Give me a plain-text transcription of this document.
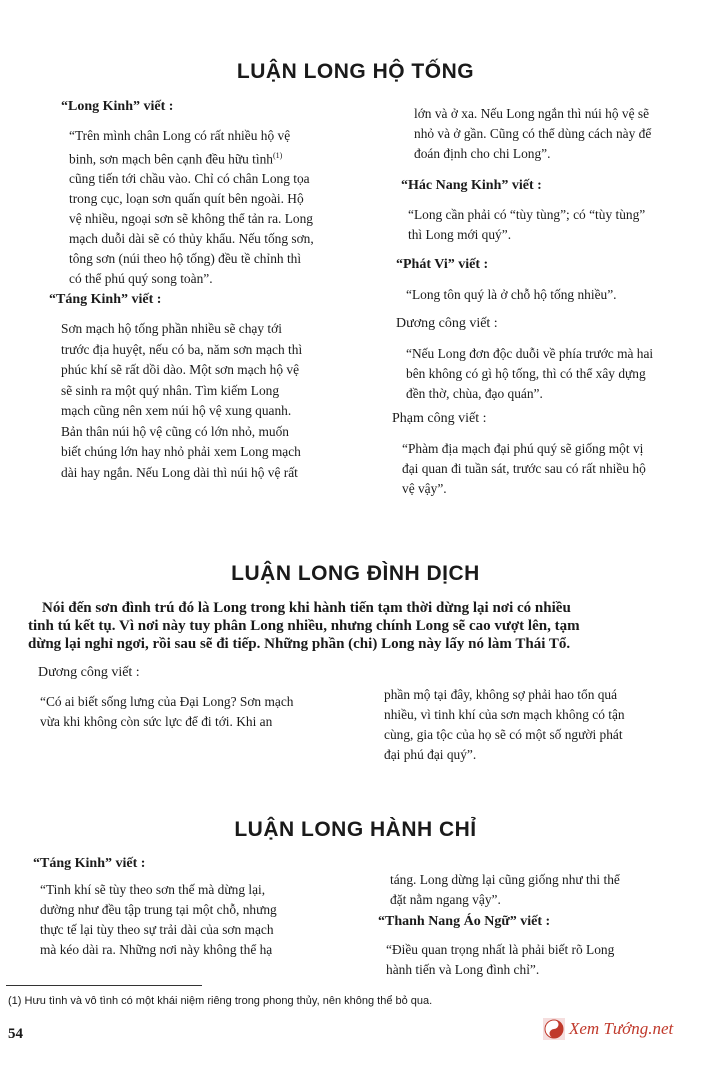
LUẬN LONG HỘ TỐNG
“Long Kinh” viết :
“Trên mình chân Long có rất nhiều hộ vệ
binh, sơn mạch bên cạnh đều hữu tình$^{(1)}$
cũng tiến tới chầu vào. Chỉ có chân Long tọa
trong cục, loạn sơn quấn quít bên ngoài. Hộ
vệ nhiều, ngoại sơn sẽ không thể tản ra. Long
mạch duỗi dài sẽ có thủy khẩu. Nếu tống sơn,
tông sơn (núi theo hộ tống) đều tề chỉnh thì
có thể phú quý song toàn”.
“Táng Kinh” viết :
Sơn mạch hộ tống phần nhiều sẽ chạy tới
trước địa huyệt, nếu có ba, năm sơn mạch thì
phúc khí sẽ rất dồi dào. Một sơn mạch hộ vệ
sẽ sinh ra một quý nhân. Tìm kiếm Long
mạch cũng nên xem núi hộ vệ xung quanh.
Bản thân núi hộ vệ cũng có lớn nhỏ, muốn
biết chúng lớn hay nhỏ phải xem Long mạch
dài hay ngắn. Nếu Long dài thì núi hộ vệ rất
lớn và ở xa. Nếu Long ngắn thì núi hộ vệ sẽ
nhỏ và ở gần. Cũng có thể dùng cách này để
đoán định cho chi Long”.
“Hác Nang Kinh” viết :
“Long cần phải có “tùy tùng”; có “tùy tùng”
thì Long mới quý”.
“Phát Vi” viết :
“Long tôn quý là ở chỗ hộ tống nhiều”.
Dương công viết :
“Nếu Long đơn độc duỗi về phía trước mà hai
bên không có gì hộ tống, thì có thể xây dựng
đền thờ, chùa, đạo quán”.
Phạm công viết :
“Phàm địa mạch đại phú quý sẽ giống một vị
đại quan đi tuần sát, trước sau có rất nhiều hộ
vệ vậy”.
LUẬN LONG ĐÌNH DỊCH
Nói đến sơn đình trú đó là Long trong khi hành tiến tạm thời dừng lại nơi có nhiều
tinh tú kết tụ. Vì nơi này tuy phân Long nhiều, nhưng chính Long sẽ cao vượt lên, tạm
dừng lại nghỉ ngơi, rồi sau sẽ đi tiếp. Những phần (chi) Long này lấy nó làm Thái Tổ.
Dương công viết :
“Có ai biết sống lưng của Đại Long? Sơn mạch
vừa khi không còn sức lực để đi tới. Khi an
phần mộ tại đây, không sợ phải hao tổn quá
nhiều, vì tinh khí của sơn mạch không có tận
cùng, gia tộc của họ sẽ có một số người phát
đại phú đại quý”.
LUẬN LONG HÀNH CHỈ
“Táng Kinh” viết :
“Tinh khí sẽ tùy theo sơn thế mà dừng lại,
dường như đều tập trung tại một chỗ, nhưng
thực tế lại tùy theo sự trải dài của sơn mạch
mà kéo dài ra. Những nơi này không thể hạ
táng. Long dừng lại cũng giống như thi thể
đặt nằm ngang vậy”.
“Thanh Nang Áo Ngữ” viết :
“Điều quan trọng nhất là phải biết rõ Long
hành tiến và Long đình chỉ”.
(1) Hưu tình và vô tình có một khái niệm riêng trong phong thủy, nên không thể bỏ qua.
54	Xem Tướng.net
